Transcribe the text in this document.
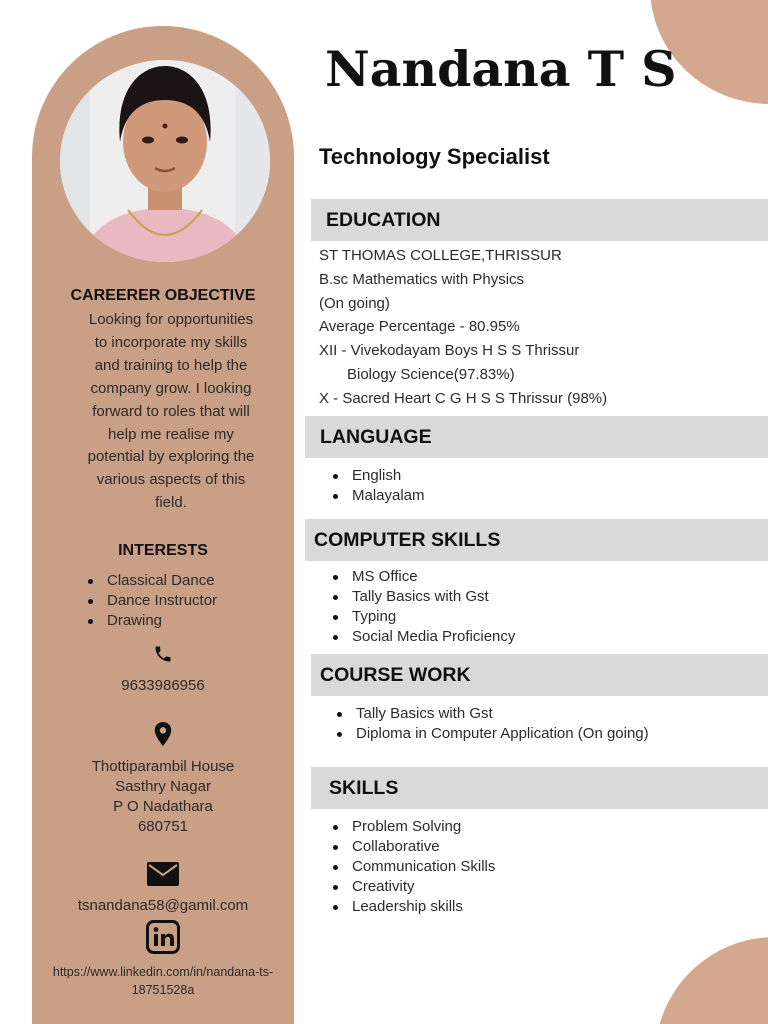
CAREERER OBJECTIVE
Looking for opportunities
to incorporate my skills
and training to help the
company grow. I looking
forward to roles that will
help me realise my
potential by exploring the
various aspects of this
field.
INTERESTS
Classical Dance
Dance Instructor
Drawing
9633986956
Thottiparambil House
Sasthry Nagar
P O Nadathara
680751
tsnandana58@gamil.com
https://www.linkedin.com/in/nandana-ts-
18751528a
Nandana T S
Technology Specialist
EDUCATION
ST THOMAS COLLEGE,THRISSUR
B.sc Mathematics with Physics
(On going)
Average Percentage - 80.95%
XII - Vivekodayam Boys H S S Thrissur
Biology Science(97.83%)
X - Sacred Heart C G H S S Thrissur (98%)
LANGUAGE
English
Malayalam
COMPUTER SKILLS
MS Office
Tally Basics with Gst
Typing
Social Media Proficiency
COURSE WORK
Tally Basics with Gst
Diploma in Computer Application (On going)
SKILLS
Problem Solving
Collaborative
Communication Skills
Creativity
Leadership skills
